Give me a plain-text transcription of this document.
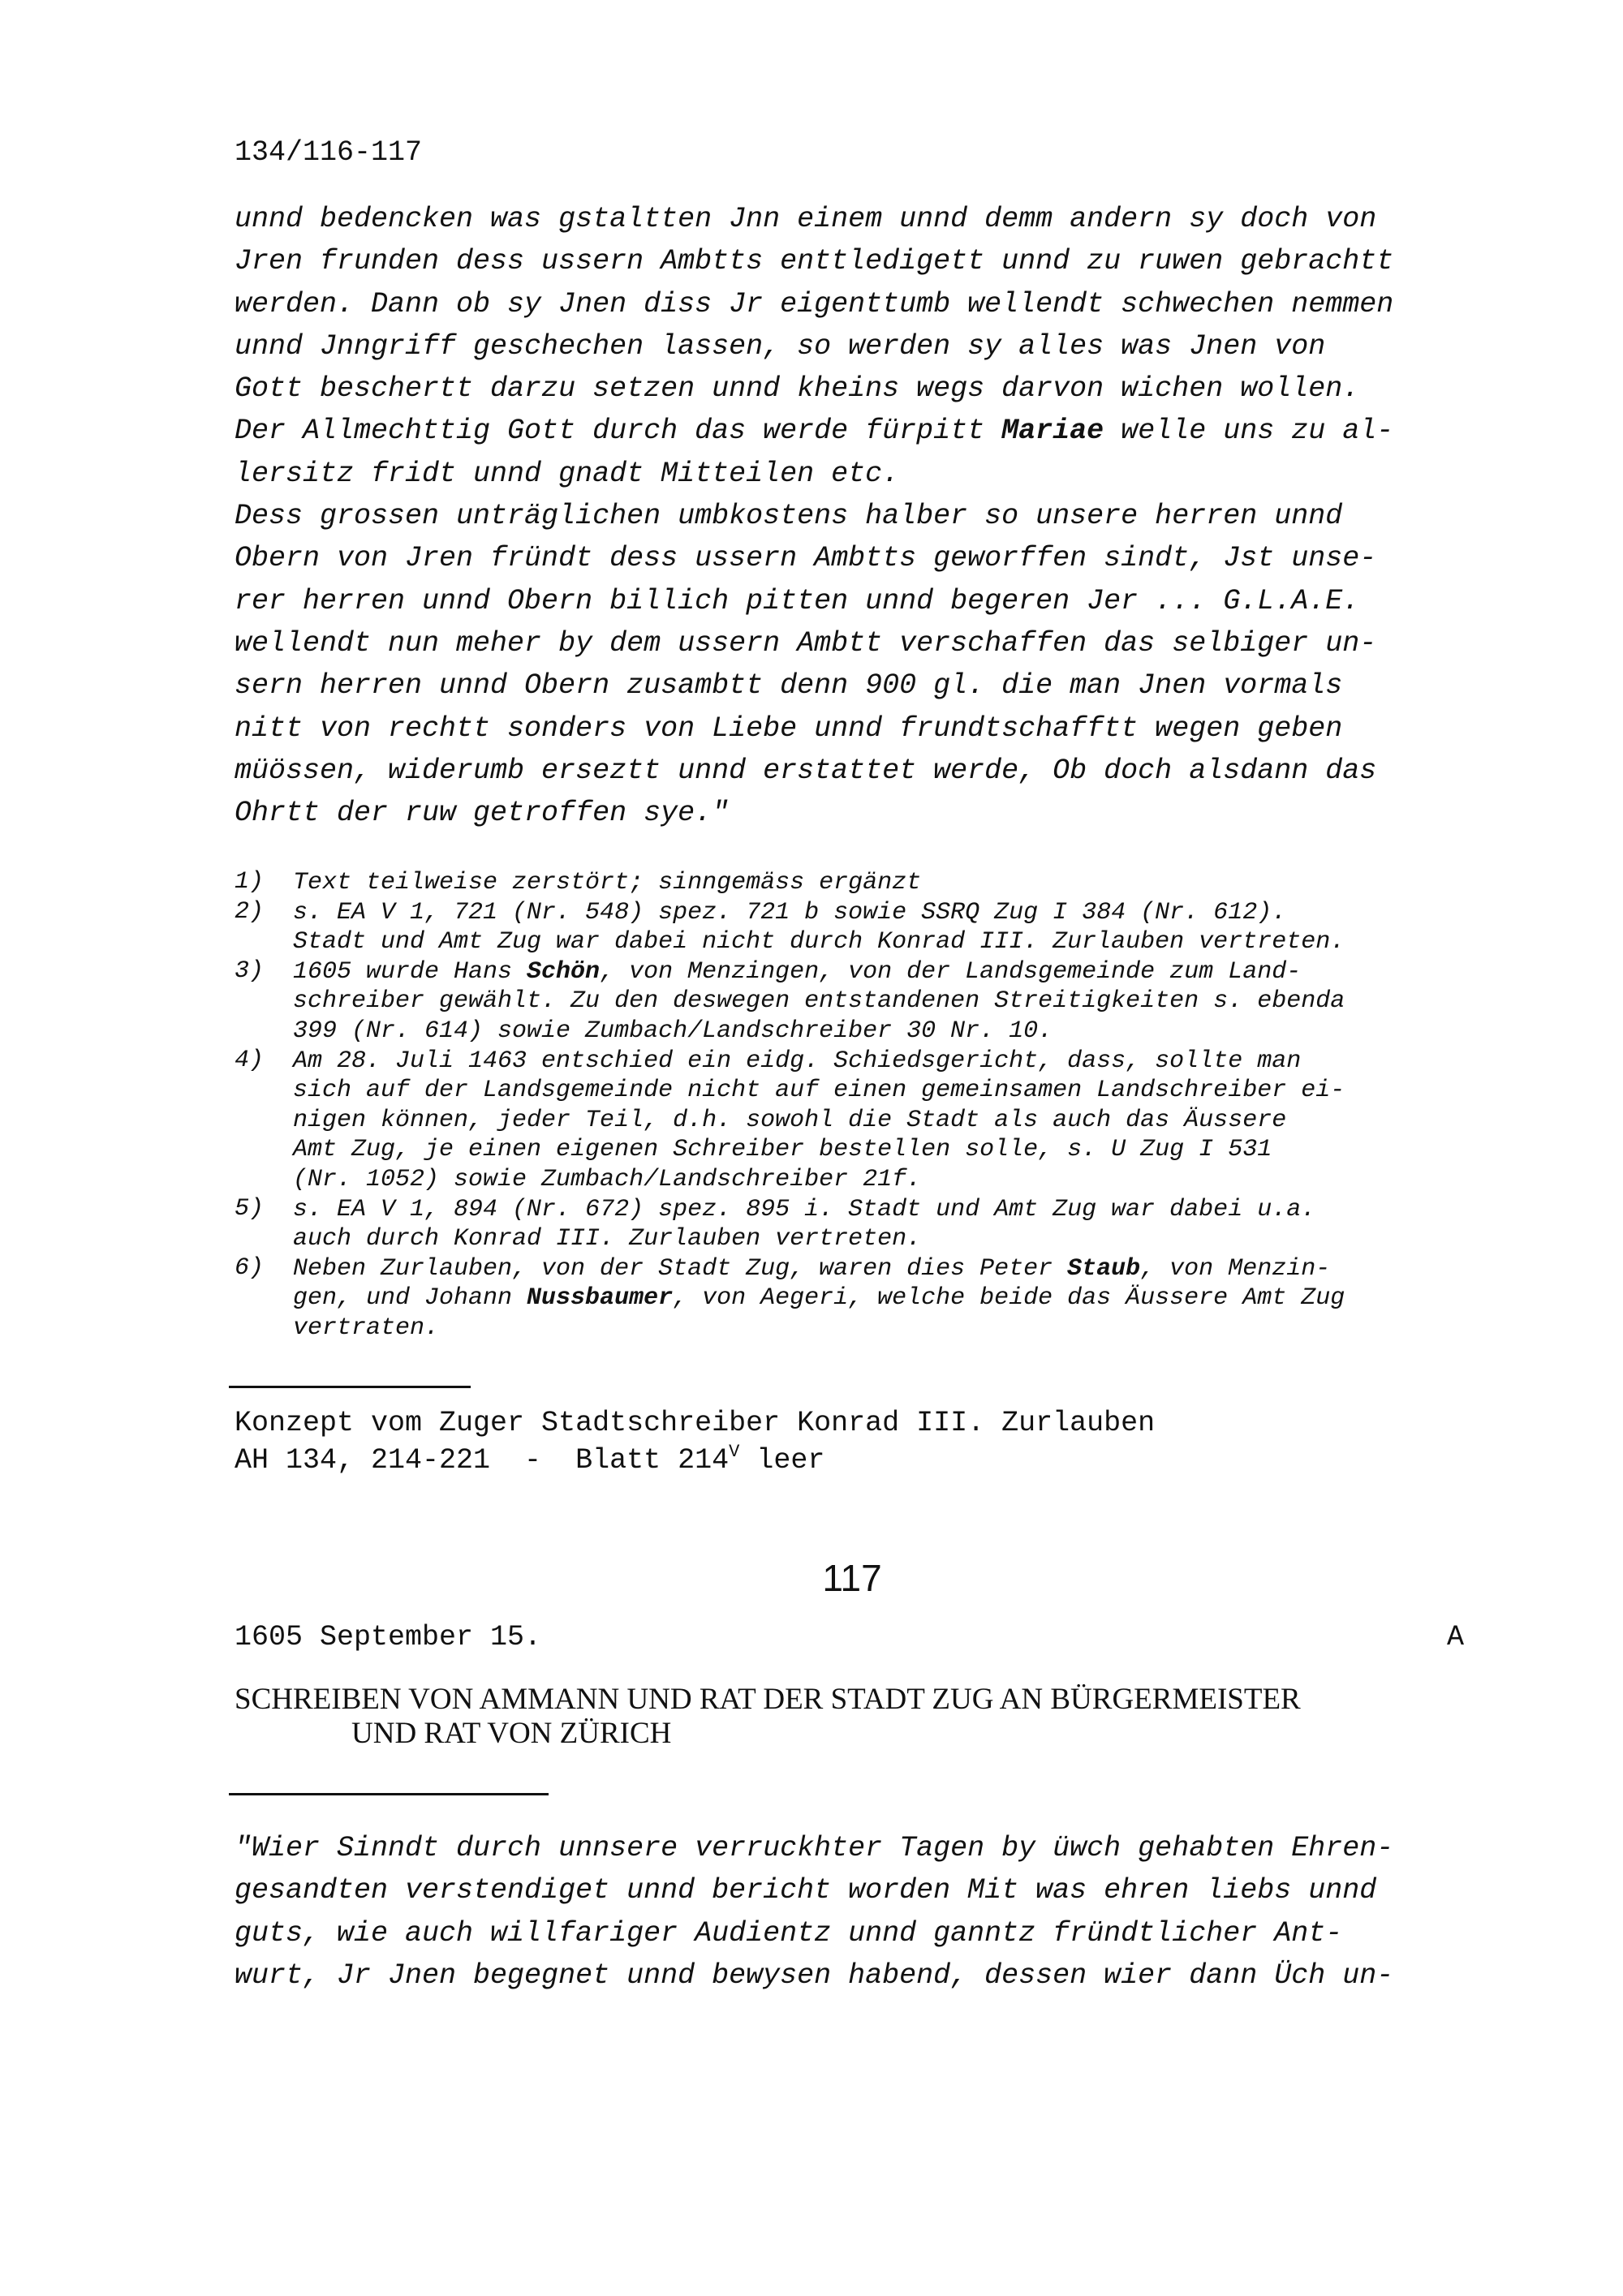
134/116-117
unnd bedencken was gstaltten Jnn einem unnd demm andern sy doch von
Jren frunden dess ussern Ambtts enttledigett unnd zu ruwen gebrachtt
werden. Dann ob sy Jnen diss Jr eigenttumb wellendt schwechen nemmen
unnd Jnngriff geschechen lassen, so werden sy alles was Jnen von
Gott beschertt darzu setzen unnd kheins wegs darvon wichen wollen.
Der Allmechttig Gott durch das werde fürpitt Mariae welle uns zu al-
lersitz fridt unnd gnadt Mitteilen etc.
Dess grossen unträglichen umbkostens halber so unsere herren unnd
Obern von Jren fründt dess ussern Ambtts geworffen sindt, Jst unse-
rer herren unnd Obern billich pitten unnd begeren Jer ... G.L.A.E.
wellendt nun meher by dem ussern Ambtt verschaffen das selbiger un-
sern herren unnd Obern zusambtt denn 900 gl. die man Jnen vormals
nitt von rechtt sonders von Liebe unnd frundtschafftt wegen geben
müössen, widerumb erseztt unnd erstattet werde, Ob doch alsdann das
Ohrtt der ruw getroffen sye."
1)	Text teilweise zerstört; sinngemäss ergänzt
2)	s. EA V 1, 721 (Nr. 548) spez. 721 b sowie SSRQ Zug I 384 (Nr. 612).
Stadt und Amt Zug war dabei nicht durch Konrad III. Zurlauben vertreten.
3)	1605 wurde Hans Schön, von Menzingen, von der Landsgemeinde zum Land-
schreiber gewählt. Zu den deswegen entstandenen Streitigkeiten s. ebenda
399 (Nr. 614) sowie Zumbach/Landschreiber 30 Nr. 10.
4)	Am 28. Juli 1463 entschied ein eidg. Schiedsgericht, dass, sollte man
sich auf der Landsgemeinde nicht auf einen gemeinsamen Landschreiber ei-
nigen können, jeder Teil, d.h. sowohl die Stadt als auch das Äussere
Amt Zug, je einen eigenen Schreiber bestellen solle, s. U Zug I 531
(Nr. 1052) sowie Zumbach/Landschreiber 21f.
5)	s. EA V 1, 894 (Nr. 672) spez. 895 i. Stadt und Amt Zug war dabei u.a.
auch durch Konrad III. Zurlauben vertreten.
6)	Neben Zurlauben, von der Stadt Zug, waren dies Peter Staub, von Menzin-
gen, und Johann Nussbaumer, von Aegeri, welche beide das Äussere Amt Zug
vertraten.
Konzept vom Zuger Stadtschreiber Konrad III. Zurlauben
AH 134, 214-221  -  Blatt $214^V$ leer
117
1605 September 15.	A
SCHREIBEN VON AMMANN UND RAT DER STADT ZUG AN BÜRGERMEISTER
UND RAT VON ZÜRICH
"Wier Sinndt durch unnsere verruckhter Tagen by üwch gehabten Ehren-
gesandten verstendiget unnd bericht worden Mit was ehren liebs unnd
guts, wie auch willfariger Audientz unnd ganntz fründtlicher Ant-
wurt, Jr Jnen begegnet unnd bewysen habend, dessen wier dann Üch un-
